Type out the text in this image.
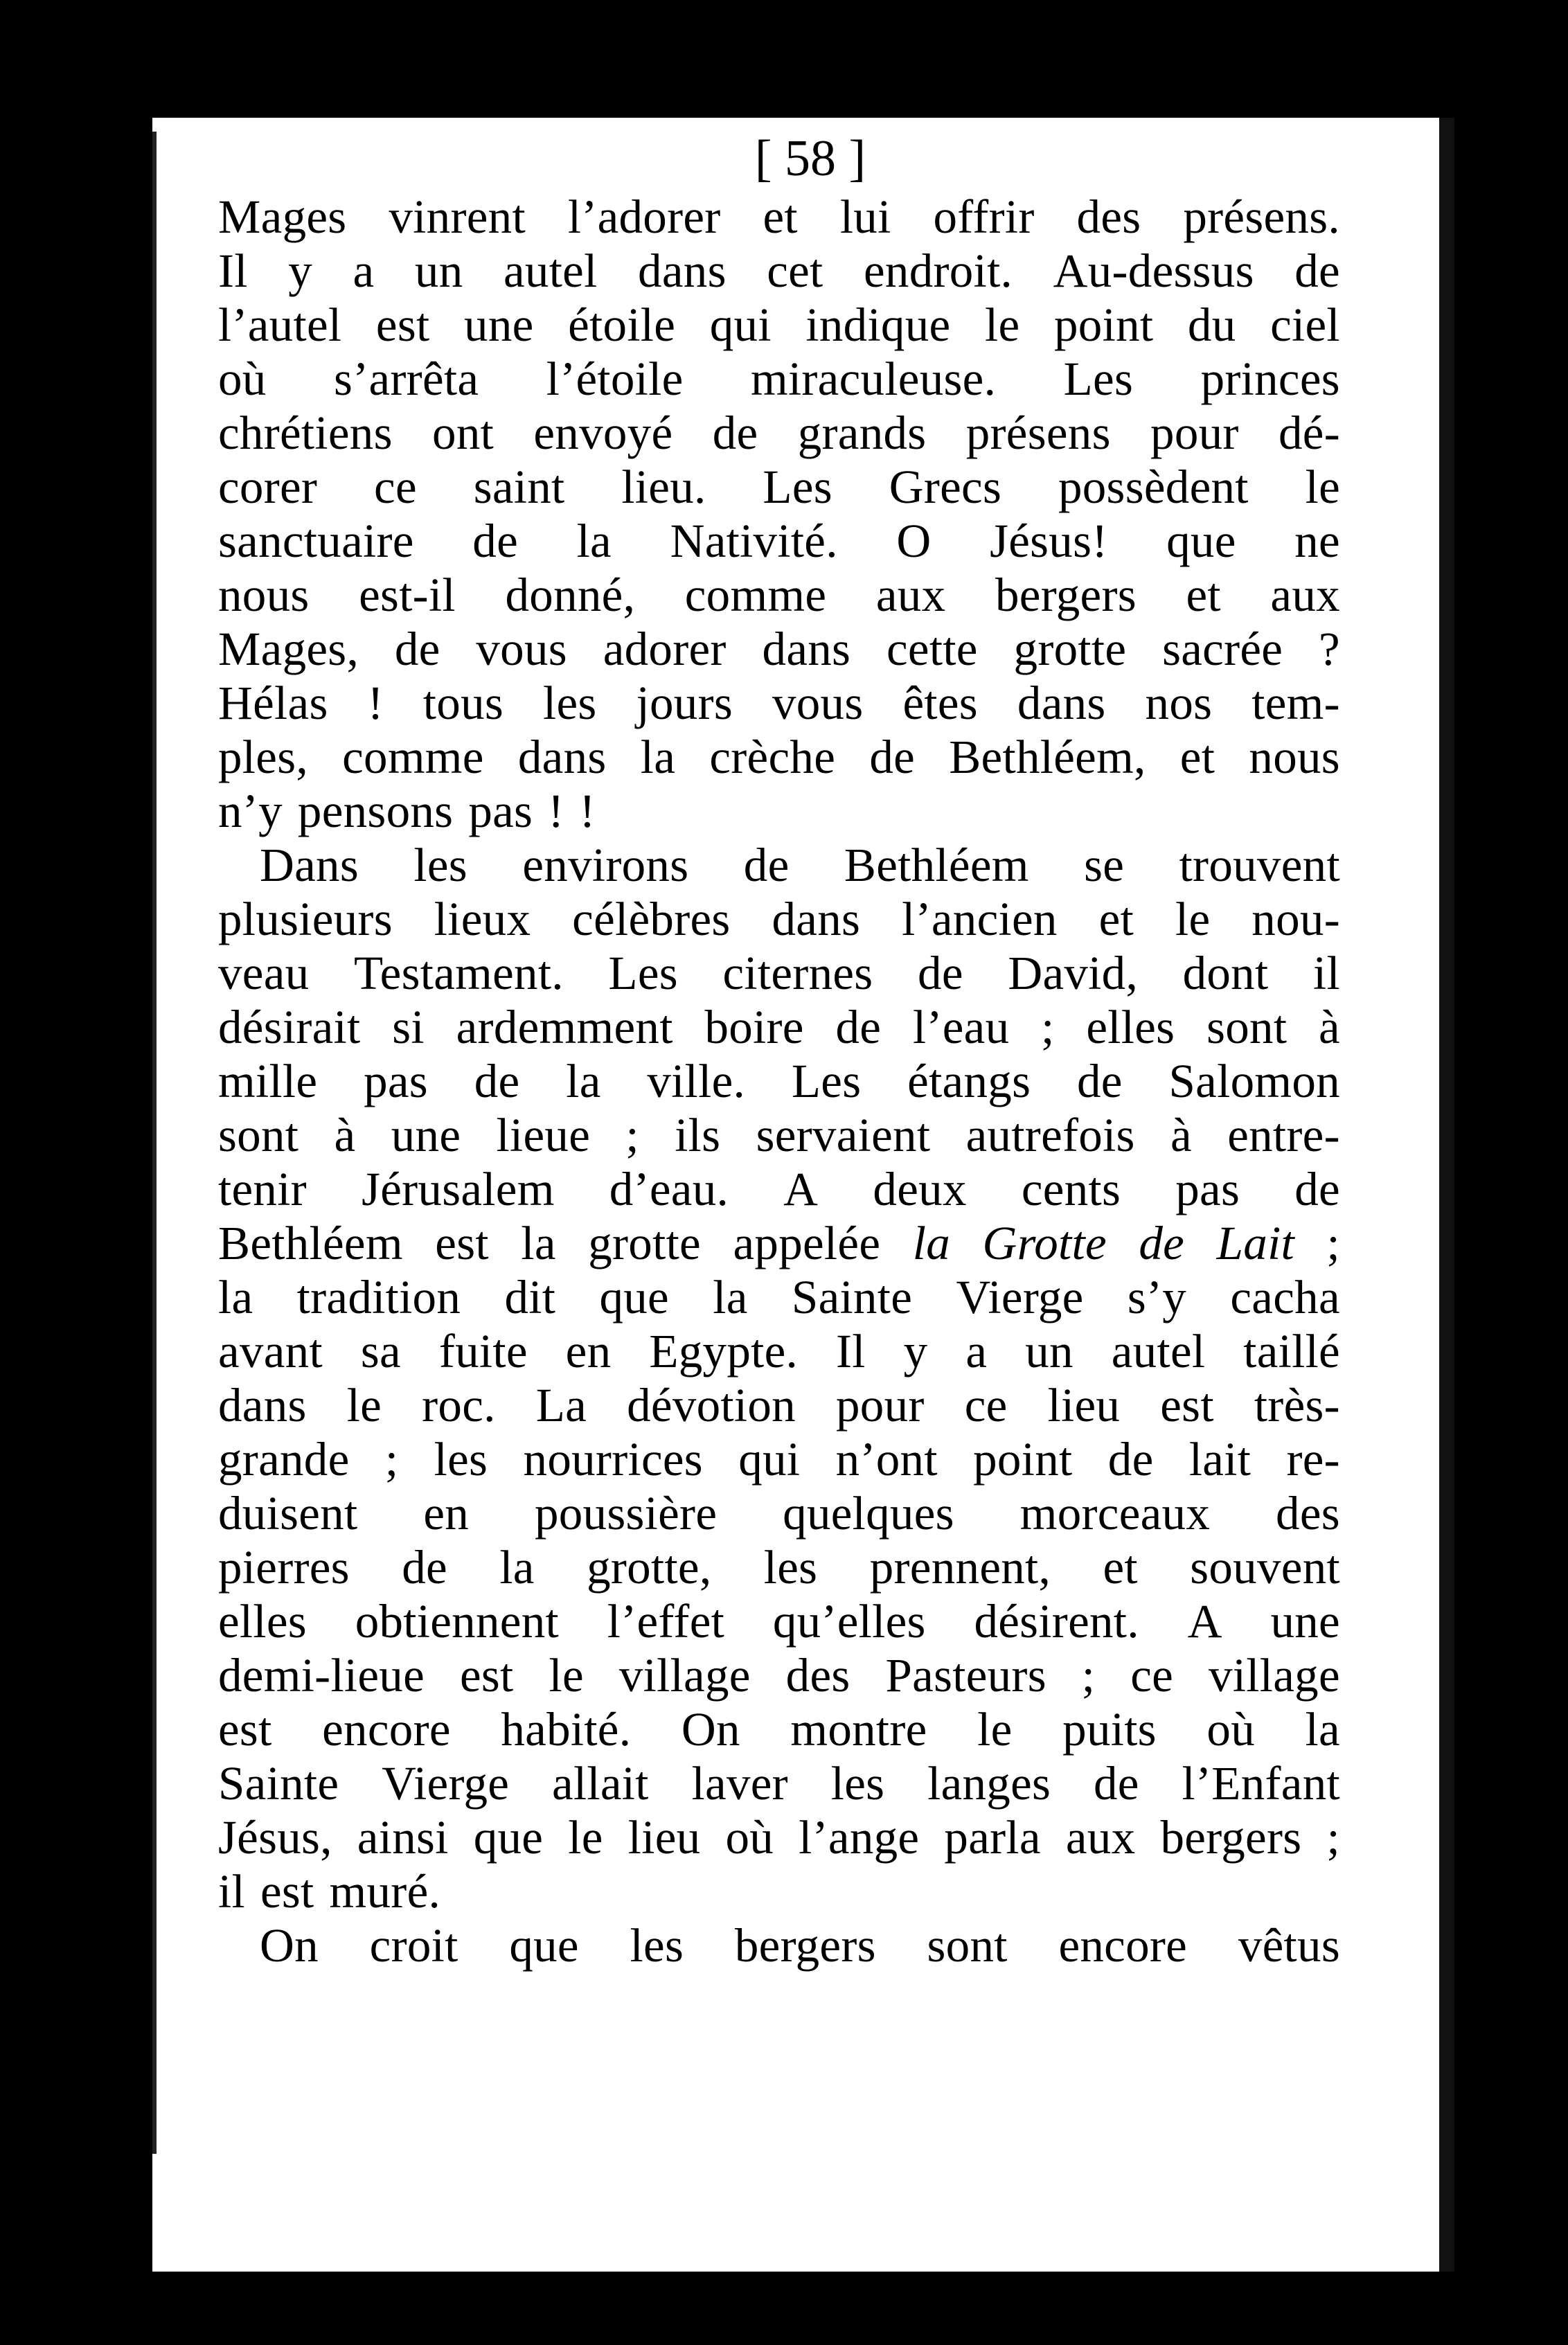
[ 58 ]
Mages vinrent l’adorer et lui offrir des présens.
Il y a un autel dans cet endroit. Au-dessus de
l’autel est une étoile qui indique le point du ciel
où s’arrêta l’étoile miraculeuse. Les princes
chrétiens ont envoyé de grands présens pour dé-
corer ce saint lieu. Les Grecs possèdent le
sanctuaire de la Nativité. O Jésus! que ne
nous est-il donné, comme aux bergers et aux
Mages, de vous adorer dans cette grotte sacrée ?
Hélas ! tous les jours vous êtes dans nos tem-
ples, comme dans la crèche de Bethléem, et nous
n’y pensons pas ! !
Dans les environs de Bethléem se trouvent
plusieurs lieux célèbres dans l’ancien et le nou-
veau Testament. Les citernes de David, dont il
désirait si ardemment boire de l’eau ; elles sont à
mille pas de la ville. Les étangs de Salomon
sont à une lieue ; ils servaient autrefois à entre-
tenir Jérusalem d’eau. A deux cents pas de
Bethléem est la grotte appelée la Grotte de Lait ;
la tradition dit que la Sainte Vierge s’y cacha
avant sa fuite en Egypte. Il y a un autel taillé
dans le roc. La dévotion pour ce lieu est très-
grande ; les nourrices qui n’ont point de lait re-
duisent en poussière quelques morceaux des
pierres de la grotte, les prennent, et souvent
elles obtiennent l’effet qu’elles désirent. A une
demi-lieue est le village des Pasteurs ; ce village
est encore habité. On montre le puits où la
Sainte Vierge allait laver les langes de l’Enfant
Jésus, ainsi que le lieu où l’ange parla aux bergers ;
il est muré.
On croit que les bergers sont encore vêtus
